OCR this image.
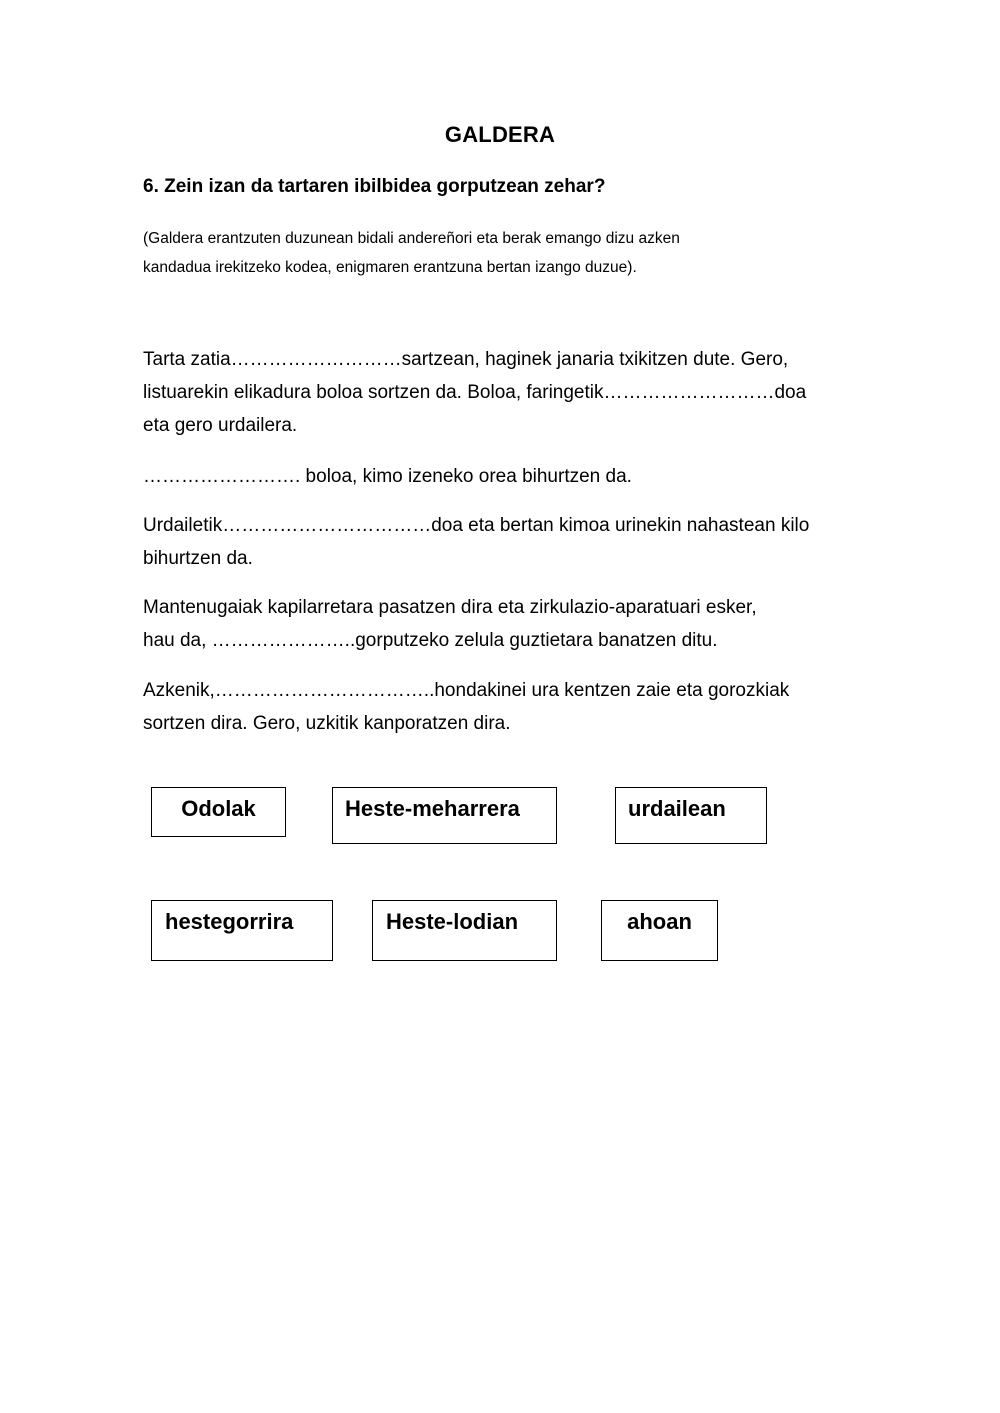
GALDERA
6. Zein izan da tartaren ibilbidea gorputzean zehar?

(Galdera erantzuten duzunean bidali andereñori eta berak emango dizu azken

kandadua irekitzeko kodea, enigmaren erantzuna bertan izango duzue).

Tarta zatia………………………sartzean, haginek janaria txikitzen dute. Gero,

listuarekin elikadura boloa sortzen da. Boloa, faringetik………………………doa

eta gero urdailera.

……………………. boloa, kimo izeneko orea bihurtzen da.

Urdailetik……………………………doa eta bertan kimoa urinekin nahastean kilo

bihurtzen da.

Mantenugaiak kapilarretara pasatzen dira eta zirkulazio-aparatuari esker,

hau da, …………………..gorputzeko zelula guztietara banatzen ditu.

Azkenik,……………………………..hondakinei ura kentzen zaie eta gorozkiak

sortzen dira. Gero, uzkitik kanporatzen dira.

Odolak	Heste-meharrera	urdailean
hestegorrira	Heste-lodian	ahoan
